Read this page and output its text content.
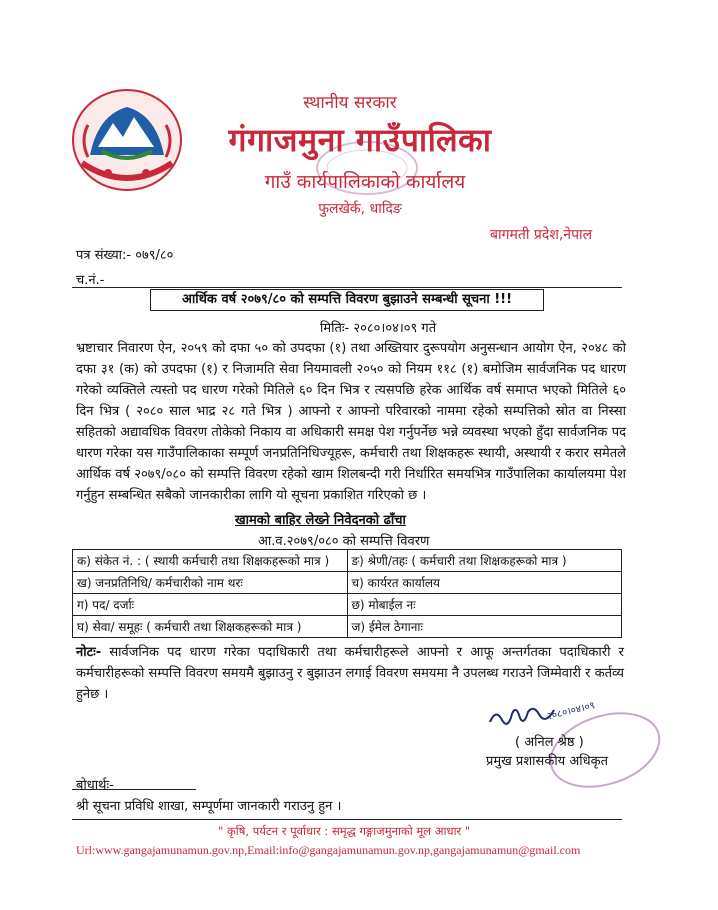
स्थानीय सरकार
गंगाजमुना गाउँपालिका
गाउँ कार्यपालिकाको कार्यालय
फुलखेर्क, धादिङ
बागमती प्रदेश,नेपाल
पत्र संख्या:- ०७९/८०
च.नं.-
आर्थिक वर्ष २०७९/८० को सम्पत्ति विवरण बुझाउने सम्बन्धी सूचना !!!
मितिः- २०८०।०४।०९ गते
भ्रष्टाचार निवारण ऐन, २०५९ को दफा ५० को उपदफा (१) तथा अख्तियार दुरूपयोग अनुसन्धान आयोग ऐन, २०४८ को दफा ३१ (क) को उपदफा (१) र निजामति सेवा नियमावली २०५० को नियम ११८ (१) बमोजिम सार्वजनिक पद धारण गरेको व्यक्तिले त्यस्तो पद धारण गरेको मितिले ६० दिन भित्र र त्यसपछि हरेक आर्थिक वर्ष समाप्त भएको मितिले ६० दिन भित्र ( २०८० साल भाद्र २८ गते भित्र ) आफ्नो र आफ्नो परिवारको नाममा रहेको सम्पत्तिको स्रोत वा निस्सा सहितको अद्यावधिक विवरण तोकेको निकाय वा अधिकारी समक्ष पेश गर्नुपर्नेछ भन्ने व्यवस्था भएको हुँदा सार्वजनिक पद धारण गरेका यस गाउँपालिकाका सम्पूर्ण जनप्रतिनिधिज्यूहरू, कर्मचारी तथा शिक्षकहरू स्थायी, अस्थायी र करार समेतले आर्थिक वर्ष २०७९/०८० को सम्पत्ति विवरण रहेको खाम शिलबन्दी गरी निर्धारित समयभित्र गाउँपालिका कार्यालयमा पेश गर्नुहुन सम्बन्धित सबैको जानकारीका लागि यो सूचना प्रकाशित गरिएको छ ।
खामको बाहिर लेख्ने निवेदनको ढाँचा
आ.व.२०७९/०८० को सम्पत्ति विवरण
क) संकेत नं. : ( स्थायी कर्मचारी तथा शिक्षकहरूको मात्र )	ङ) श्रेणी/तहः ( कर्मचारी तथा शिक्षकहरूको मात्र )
ख) जनप्रतिनिधि/ कर्मचारीको नाम थरः	च) कार्यरत कार्यालय
ग) पद/ दर्जाः	छ) मोबाईल नः
घ) सेवा/ समूहः ( कर्मचारी तथा शिक्षकहरूको मात्र )	ज) ईमेल ठेगानाः
नोटः- सार्वजनिक पद धारण गरेका पदाधिकारी तथा कर्मचारीहरूले आफ्नो र आफू अन्तर्गतका पदाधिकारी र कर्मचारीहरूको सम्पत्ति विवरण समयमै बुझाउनु र बुझाउन लगाई विवरण समयमा नै उपलब्ध गराउने जिम्मेवारी र कर्तव्य हुनेछ ।
२०८०।०४।०९
( अनिल श्रेष्ठ )
प्रमुख प्रशासकीय अधिकृत
बोधार्थः-
श्री सूचना प्रविधि शाखा, सम्पूर्णमा जानकारी गराउनु हुन ।
" कृषि, पर्यटन र पूर्वाधार : समृद्ध गङ्गाजमुनाको मूल आधार "
Url:www.gangajamunamun.gov.np,Email:info@gangajamunamun.gov.np,gangajamunamun@gmail.com
